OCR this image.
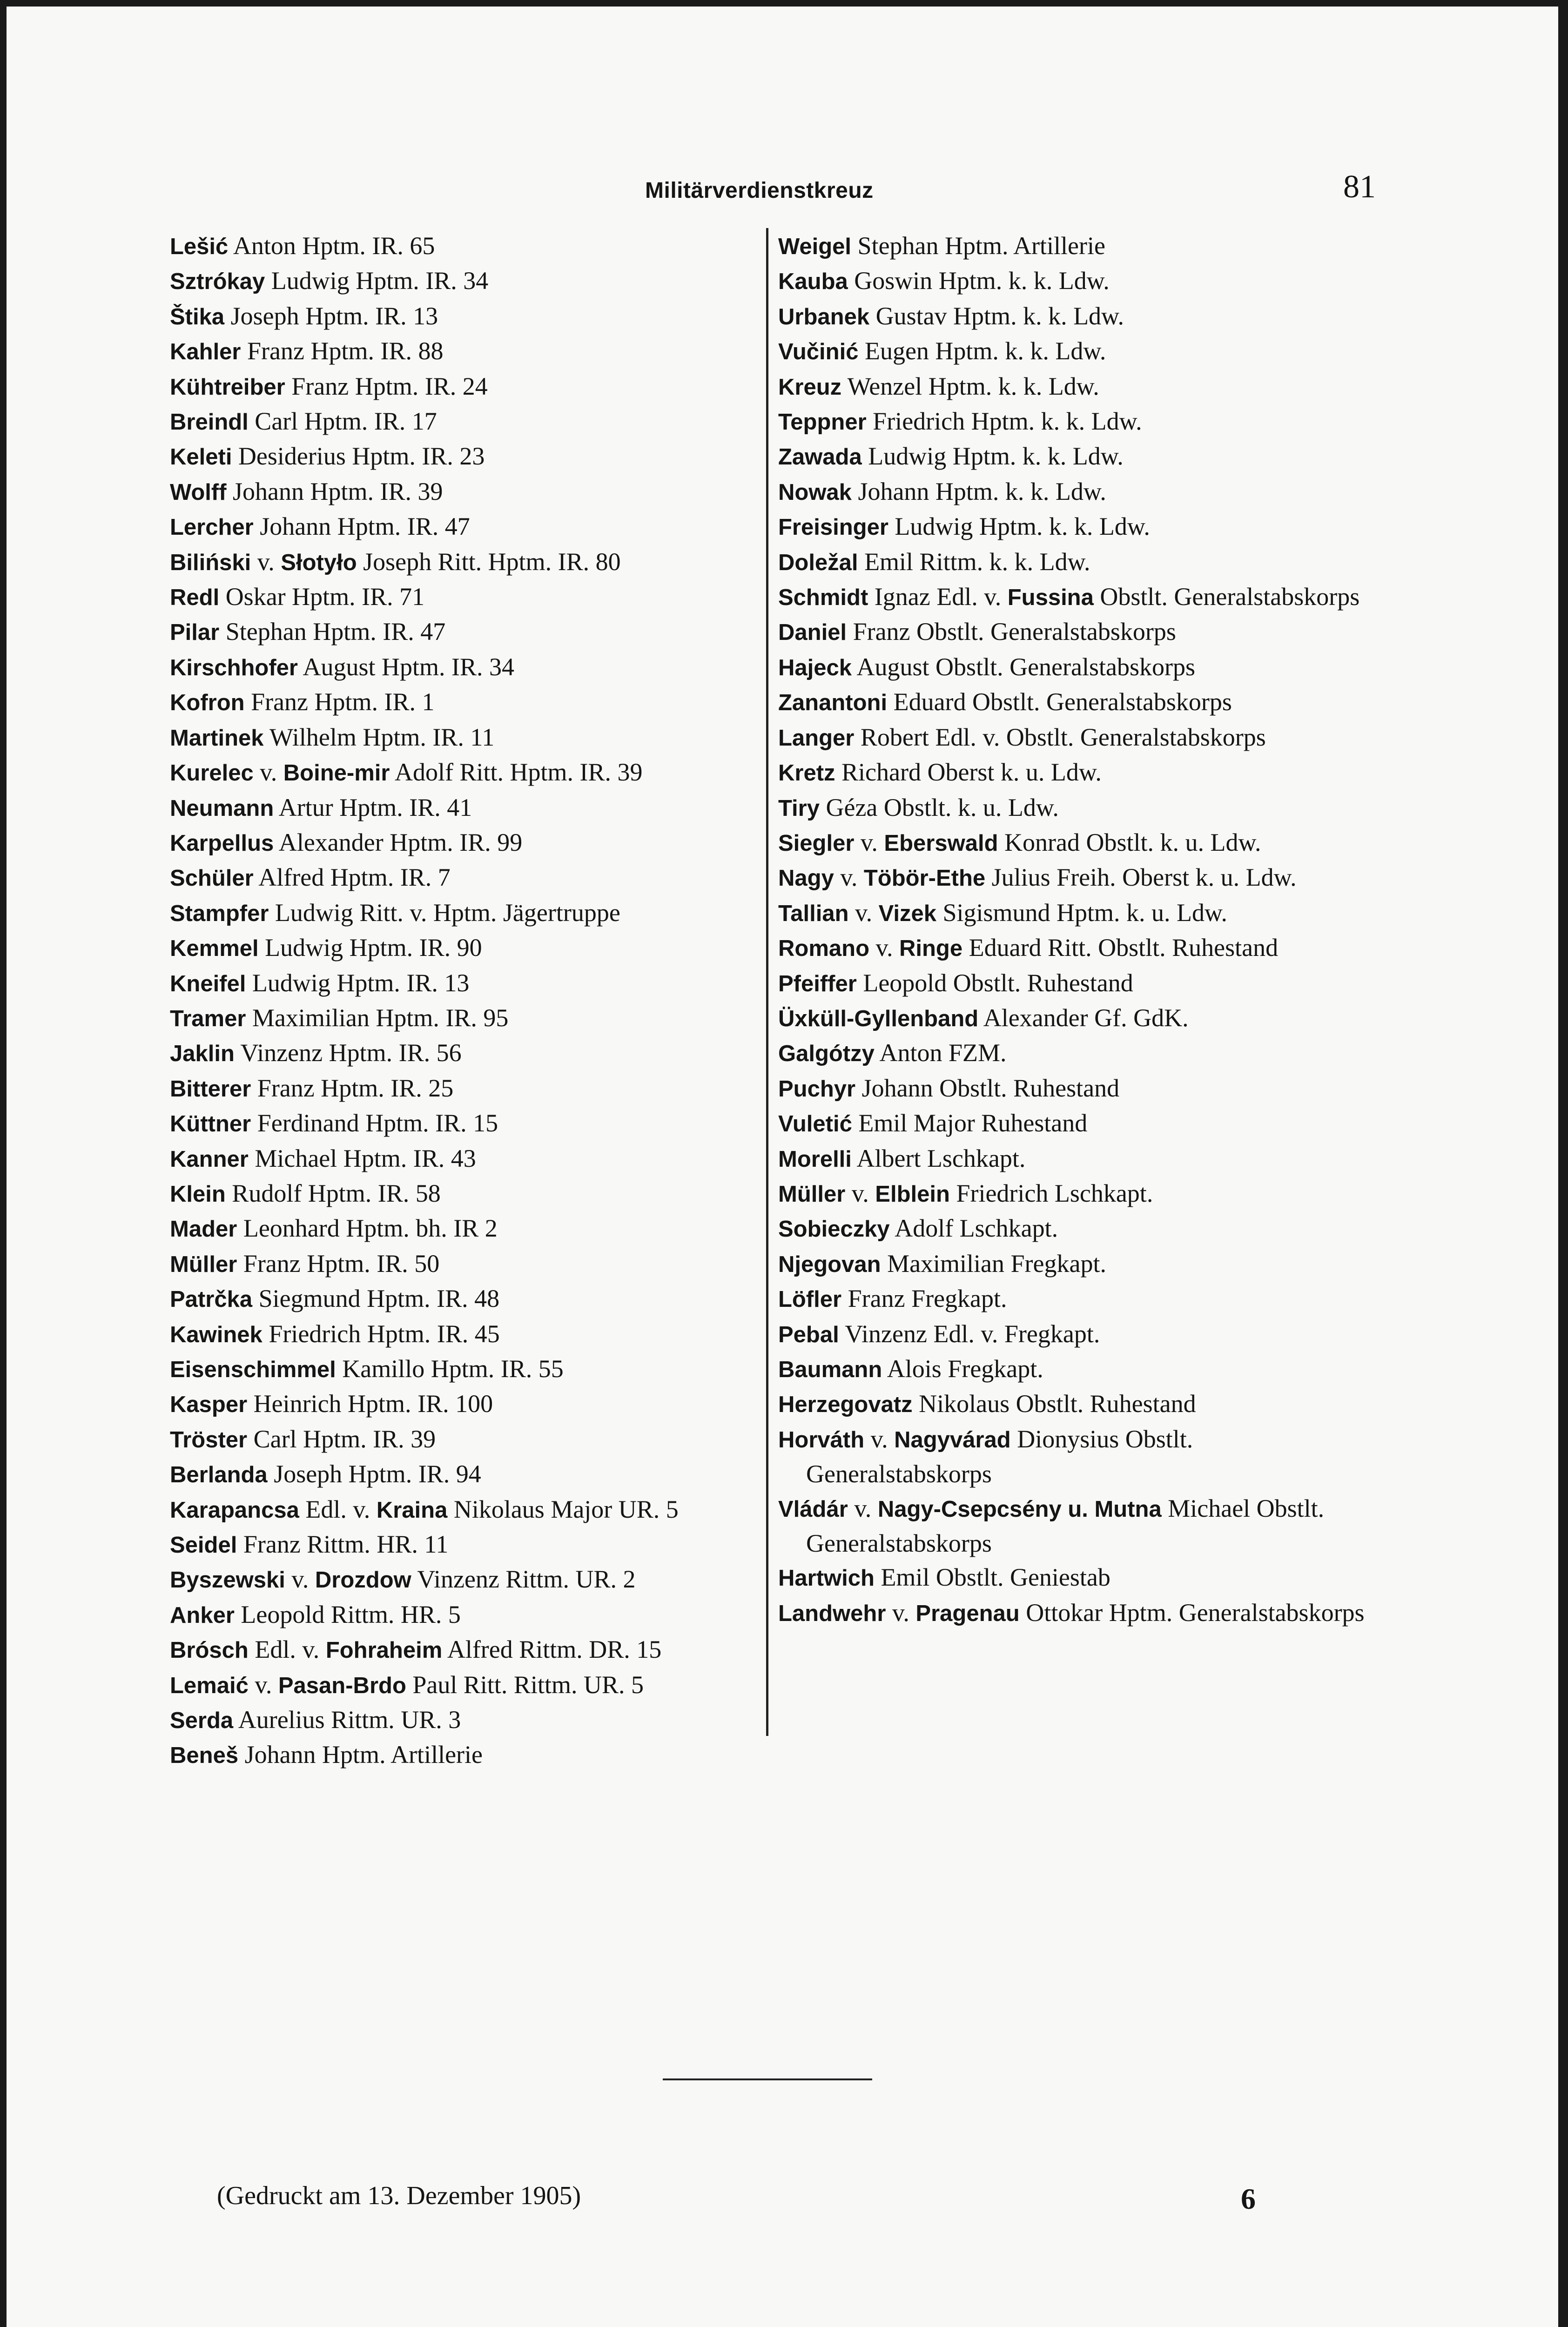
Militärverdienstkreuz	81
Lešić Anton Hptm. IR. 65
Sztrókay Ludwig Hptm. IR. 34
Štika Joseph Hptm. IR. 13
Kahler Franz Hptm. IR. 88
Kühtreiber Franz Hptm. IR. 24
Breindl Carl Hptm. IR. 17
Keleti Desiderius Hptm. IR. 23
Wolff Johann Hptm. IR. 39
Lercher Johann Hptm. IR. 47
Biliński v. Słotyło Joseph Ritt. Hptm. IR. 80
Redl Oskar Hptm. IR. 71
Pilar Stephan Hptm. IR. 47
Kirschhofer August Hptm. IR. 34
Kofron Franz Hptm. IR. 1
Martinek Wilhelm Hptm. IR. 11
Kurelec v. Boine-mir Adolf Ritt. Hptm. IR. 39
Neumann Artur Hptm. IR. 41
Karpellus Alexander Hptm. IR. 99
Schüler Alfred Hptm. IR. 7
Stampfer Ludwig Ritt. v. Hptm. Jägertruppe
Kemmel Ludwig Hptm. IR. 90
Kneifel Ludwig Hptm. IR. 13
Tramer Maximilian Hptm. IR. 95
Jaklin Vinzenz Hptm. IR. 56
Bitterer Franz Hptm. IR. 25
Küttner Ferdinand Hptm. IR. 15
Kanner Michael Hptm. IR. 43
Klein Rudolf Hptm. IR. 58
Mader Leonhard Hptm. bh. IR 2
Müller Franz Hptm. IR. 50
Patrčka Siegmund Hptm. IR. 48
Kawinek Friedrich Hptm. IR. 45
Eisenschimmel Kamillo Hptm. IR. 55
Kasper Heinrich Hptm. IR. 100
Tröster Carl Hptm. IR. 39
Berlanda Joseph Hptm. IR. 94
Karapancsa Edl. v. Kraina Nikolaus Major UR. 5
Seidel Franz Rittm. HR. 11
Byszewski v. Drozdow Vinzenz Rittm. UR. 2
Anker Leopold Rittm. HR. 5
Brósch Edl. v. Fohraheim Alfred Rittm. DR. 15
Lemaić v. Pasan-Brdo Paul Ritt. Rittm. UR. 5
Serda Aurelius Rittm. UR. 3
Beneš Johann Hptm. Artillerie
Weigel Stephan Hptm. Artillerie
Kauba Goswin Hptm. k. k. Ldw.
Urbanek Gustav Hptm. k. k. Ldw.
Vučinić Eugen Hptm. k. k. Ldw.
Kreuz Wenzel Hptm. k. k. Ldw.
Teppner Friedrich Hptm. k. k. Ldw.
Zawada Ludwig Hptm. k. k. Ldw.
Nowak Johann Hptm. k. k. Ldw.
Freisinger Ludwig Hptm. k. k. Ldw.
Doležal Emil Rittm. k. k. Ldw.
Schmidt Ignaz Edl. v. Fussina Obstlt. Generalstabskorps
Daniel Franz Obstlt. Generalstabskorps
Hajeck August Obstlt. Generalstabskorps
Zanantoni Eduard Obstlt. Generalstabskorps
Langer Robert Edl. v. Obstlt. Generalstabskorps
Kretz Richard Oberst k. u. Ldw.
Tiry Géza Obstlt. k. u. Ldw.
Siegler v. Eberswald Konrad Obstlt. k. u. Ldw.
Nagy v. Töbör-Ethe Julius Freih. Oberst k. u. Ldw.
Tallian v. Vizek Sigismund Hptm. k. u. Ldw.
Romano v. Ringe Eduard Ritt. Obstlt. Ruhestand
Pfeiffer Leopold Obstlt. Ruhestand
Üxküll-Gyllenband Alexander Gf. GdK.
Galgótzy Anton FZM.
Puchyr Johann Obstlt. Ruhestand
Vuletić Emil Major Ruhestand
Morelli Albert Lschkapt.
Müller v. Elblein Friedrich Lschkapt.
Sobieczky Adolf Lschkapt.
Njegovan Maximilian Fregkapt.
Löfler Franz Fregkapt.
Pebal Vinzenz Edl. v. Fregkapt.
Baumann Alois Fregkapt.
Herzegovatz Nikolaus Obstlt. Ruhestand
Horváth v. Nagyvárad Dionysius Obstlt. Generalstabskorps
Vládár v. Nagy-Csepcsény u. Mutna Michael Obstlt. Generalstabskorps
Hartwich Emil Obstlt. Geniestab
Landwehr v. Pragenau Ottokar Hptm. Generalstabskorps
(Gedruckt am 13. Dezember 1905)	6
